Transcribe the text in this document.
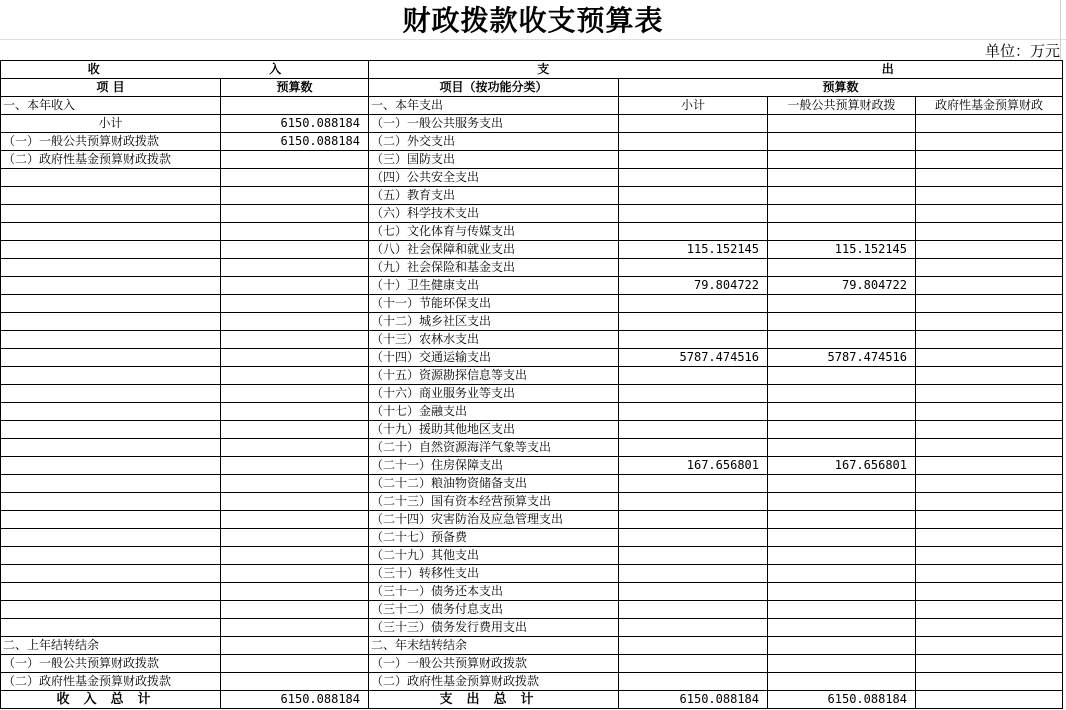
财政拨款收支预算表
单位：万元
收 入		支 出			

项 目	预算数	项目（按功能分类）	预算数		
一、本年收入		一、本年支出	小计	一般公共预算财政拨	政府性基金预算财政
小计	6150.088184	（一）一般公共服务支出			
（一）一般公共预算财政拨款	6150.088184	（二）外交支出			
（二）政府性基金预算财政拨款		（三）国防支出			
		（四）公共安全支出			
		（五）教育支出			
		（六）科学技术支出			
		（七）文化体育与传媒支出			
		（八）社会保障和就业支出	115.152145	115.152145	
		（九）社会保险和基金支出			
		（十）卫生健康支出	79.804722	79.804722	
		（十一）节能环保支出			
		（十二）城乡社区支出			
		（十三）农林水支出			
		（十四）交通运输支出	5787.474516	5787.474516	
		（十五）资源勘探信息等支出			
		（十六）商业服务业等支出			
		（十七）金融支出			
		（十九）援助其他地区支出			
		（二十）自然资源海洋气象等支出			
		（二十一）住房保障支出	167.656801	167.656801	
		（二十二）粮油物资储备支出			
		（二十三）国有资本经营预算支出			
		（二十四）灾害防治及应急管理支出			
		（二十七）预备费			
		（二十九）其他支出			
		（三十）转移性支出			
		（三十一）债务还本支出			
		（三十二）债务付息支出			
		（三十三）债务发行费用支出			
二、上年结转结余		二、年末结转结余			
（一）一般公共预算财政拨款		（一）一般公共预算财政拨款			
（二）政府性基金预算财政拨款		（二）政府性基金预算财政拨款			
收入总计	6150.088184	支出总计	6150.088184	6150.088184	
